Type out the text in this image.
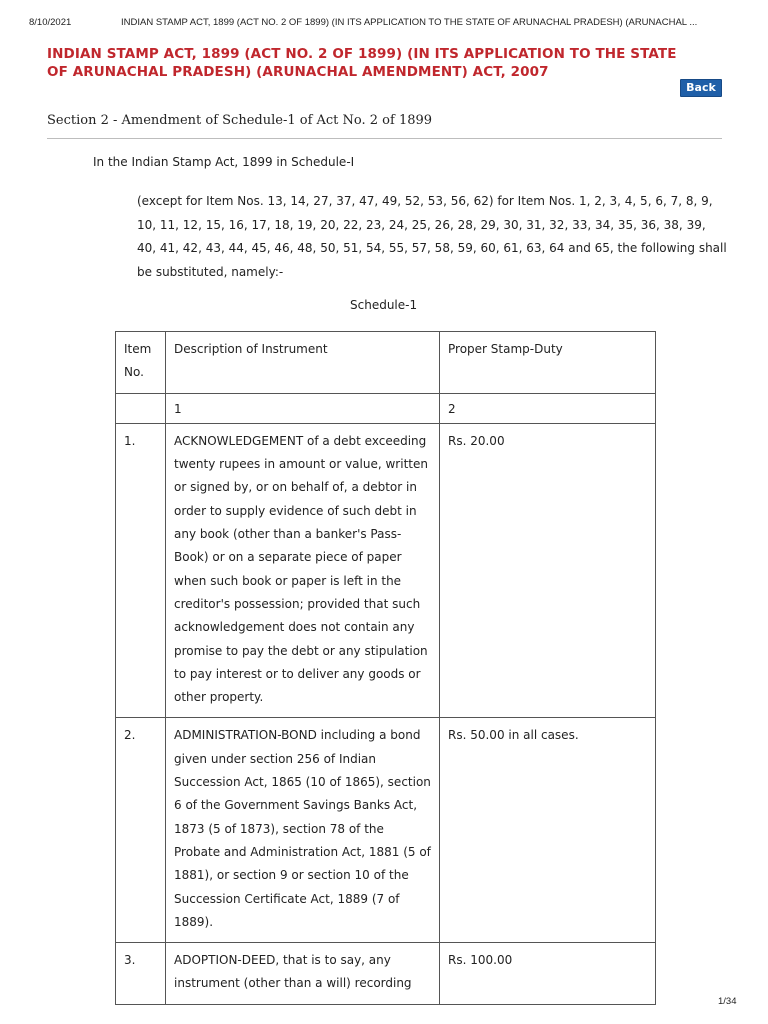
8/10/2021	INDIAN STAMP ACT, 1899 (ACT NO. 2 OF 1899) (IN ITS APPLICATION TO THE STATE OF ARUNACHAL PRADESH) (ARUNACHAL ...
INDIAN STAMP ACT, 1899 (ACT NO. 2 OF 1899) (IN ITS APPLICATION TO THE STATE OF ARUNACHAL PRADESH) (ARUNACHAL AMENDMENT) ACT, 2007
Back
Section 2 - Amendment of Schedule-1 of Act No. 2 of 1899

In the Indian Stamp Act, 1899 in Schedule-I

(except for Item Nos. 13, 14, 27, 37, 47, 49, 52, 53, 56, 62) for Item Nos. 1, 2, 3, 4, 5, 6, 7, 8, 9, 10, 11, 12, 15, 16, 17, 18, 19, 20, 22, 23, 24, 25, 26, 28, 29, 30, 31, 32, 33, 34, 35, 36, 38, 39, 40, 41, 42, 43, 44, 45, 46, 48, 50, 51, 54, 55, 57, 58, 59, 60, 61, 63, 64 and 65, the following shall be substituted, namely:-

Schedule-1

Item No.	Description of Instrument	Proper Stamp-Duty
	1	2
1.	ACKNOWLEDGEMENT of a debt exceeding twenty rupees in amount or value, written or signed by, or on behalf of, a debtor in order to supply evidence of such debt in any book (other than a banker's Pass-Book) or on a separate piece of paper when such book or paper is left in the creditor's possession; provided that such acknowledgement does not contain any promise to pay the debt or any stipulation to pay interest or to deliver any goods or other property.	Rs. 20.00
2.	ADMINISTRATION-BOND including a bond given under section 256 of Indian Succession Act, 1865 (10 of 1865), section 6 of the Government Savings Banks Act, 1873 (5 of 1873), section 78 of the Probate and Administration Act, 1881 (5 of 1881), or section 9 or section 10 of the Succession Certificate Act, 1889 (7 of 1889).	Rs. 50.00 in all cases.
3.	ADOPTION-DEED, that is to say, any instrument (other than a will) recording	Rs. 100.00
1/34
